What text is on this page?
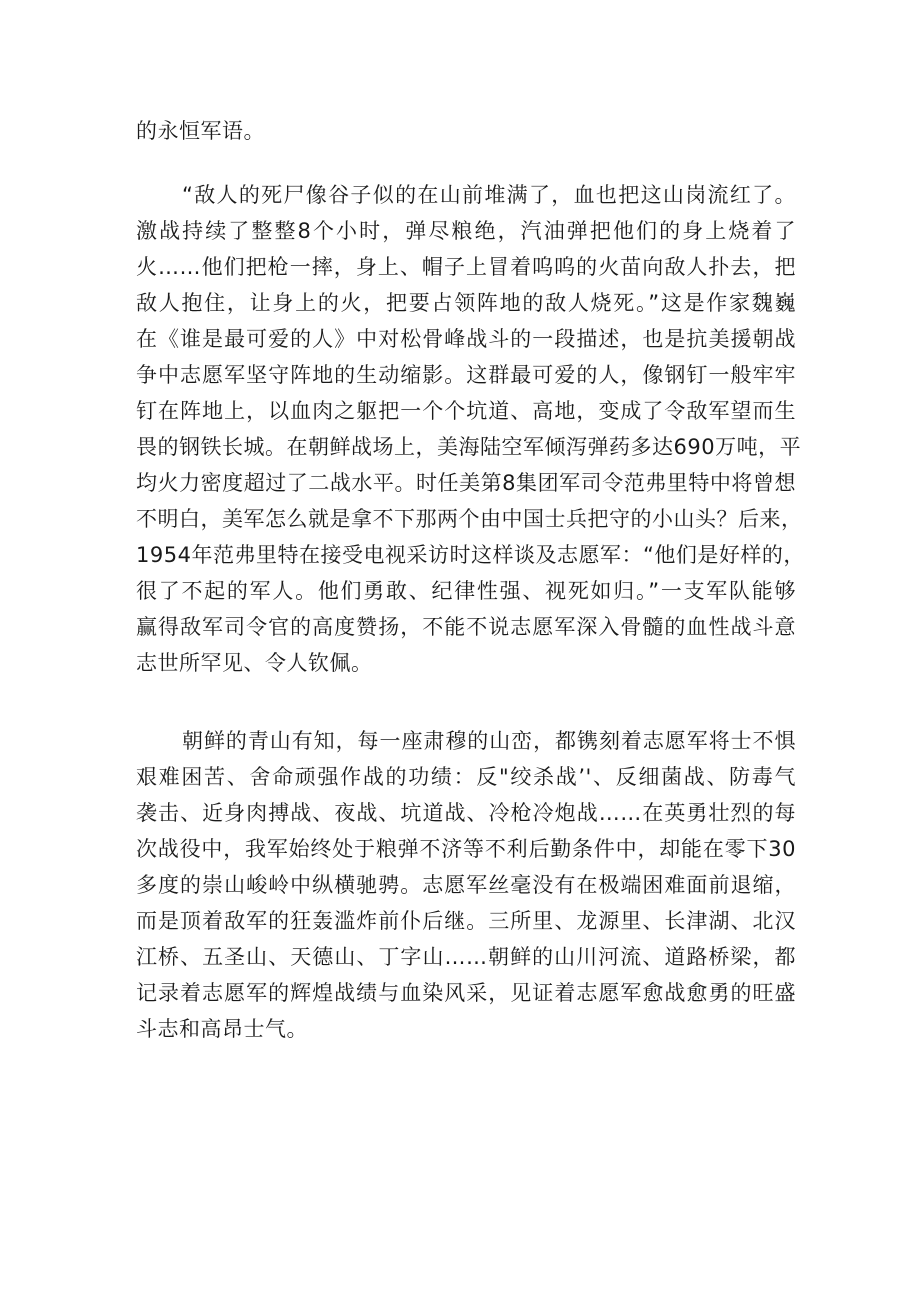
的永恒军语。
“敌人的死尸像谷子似的在山前堆满了，血也把这山岗流红了。
激战持续了整整8个小时，弹尽粮绝，汽油弹把他们的身上烧着了
火……他们把枪一摔，身上、帽子上冒着呜呜的火苗向敌人扑去，把
敌人抱住，让身上的火，把要占领阵地的敌人烧死。”这是作家魏巍
在《谁是最可爱的人》中对松骨峰战斗的一段描述，也是抗美援朝战
争中志愿军坚守阵地的生动缩影。这群最可爱的人，像钢钉一般牢牢
钉在阵地上，以血肉之躯把一个个坑道、高地，变成了令敌军望而生
畏的钢铁长城。在朝鲜战场上，美海陆空军倾泻弹药多达690万吨，平
均火力密度超过了二战水平。时任美第8集团军司令范弗里特中将曾想
不明白，美军怎么就是拿不下那两个由中国士兵把守的小山头？后来，
1954年范弗里特在接受电视采访时这样谈及志愿军：“他们是好样的，
很了不起的军人。他们勇敢、纪律性强、视死如归。”一支军队能够
赢得敌军司令官的高度赞扬，不能不说志愿军深入骨髓的血性战斗意
志世所罕见、令人钦佩。
朝鲜的青山有知，每一座肃穆的山峦，都镌刻着志愿军将士不惧
艰难困苦、舍命顽强作战的功绩：反"绞杀战’'、反细菌战、防毒气
袭击、近身肉搏战、夜战、坑道战、冷枪冷炮战……在英勇壮烈的每
次战役中，我军始终处于粮弹不济等不利后勤条件中，却能在零下30
多度的崇山峻岭中纵横驰骋。志愿军丝毫没有在极端困难面前退缩，
而是顶着敌军的狂轰滥炸前仆后继。三所里、龙源里、长津湖、北汉
江桥、五圣山、天德山、丁字山……朝鲜的山川河流、道路桥梁，都
记录着志愿军的辉煌战绩与血染风采，见证着志愿军愈战愈勇的旺盛
斗志和高昂士气。
